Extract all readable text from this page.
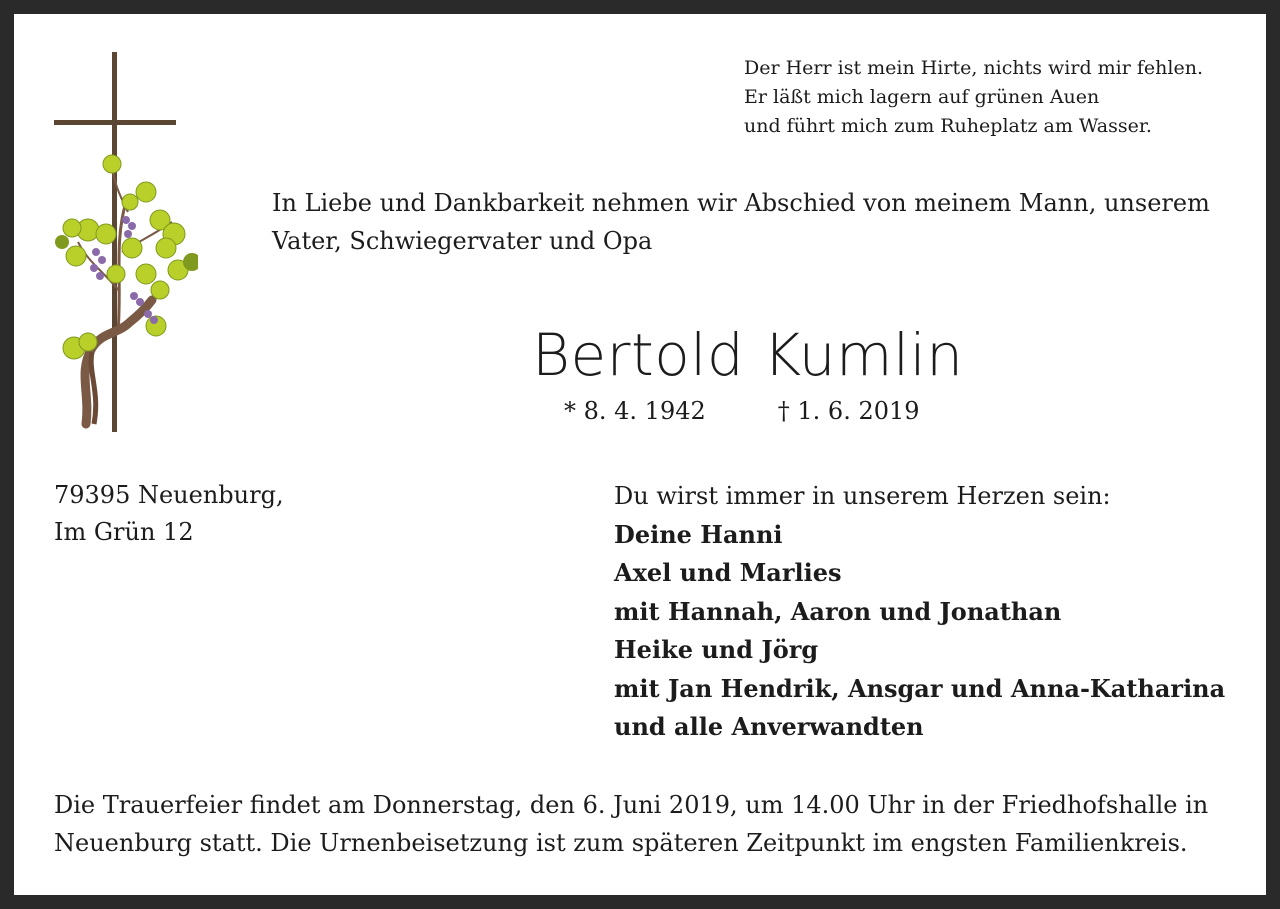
Der Herr ist mein Hirte, nichts wird mir fehlen.
Er läßt mich lagern auf grünen Auen
und führt mich zum Ruheplatz am Wasser.
In Liebe und Dankbarkeit nehmen wir Abschied von meinem Mann, unserem
Vater, Schwiegervater und Opa
Bertold Kumlin
* 8. 4. 1942	† 1. 6. 2019
79395 Neuenburg,
Im Grün 12
Du wirst immer in unserem Herzen sein:
Deine Hanni
Axel und Marlies
mit Hannah, Aaron und Jonathan
Heike und Jörg
mit Jan Hendrik, Ansgar und Anna-Katharina
und alle Anverwandten
Die Trauerfeier findet am Donnerstag, den 6. Juni 2019, um 14.00 Uhr in der Friedhofshalle in
Neuenburg statt. Die Urnenbeisetzung ist zum späteren Zeitpunkt im engsten Familienkreis.
